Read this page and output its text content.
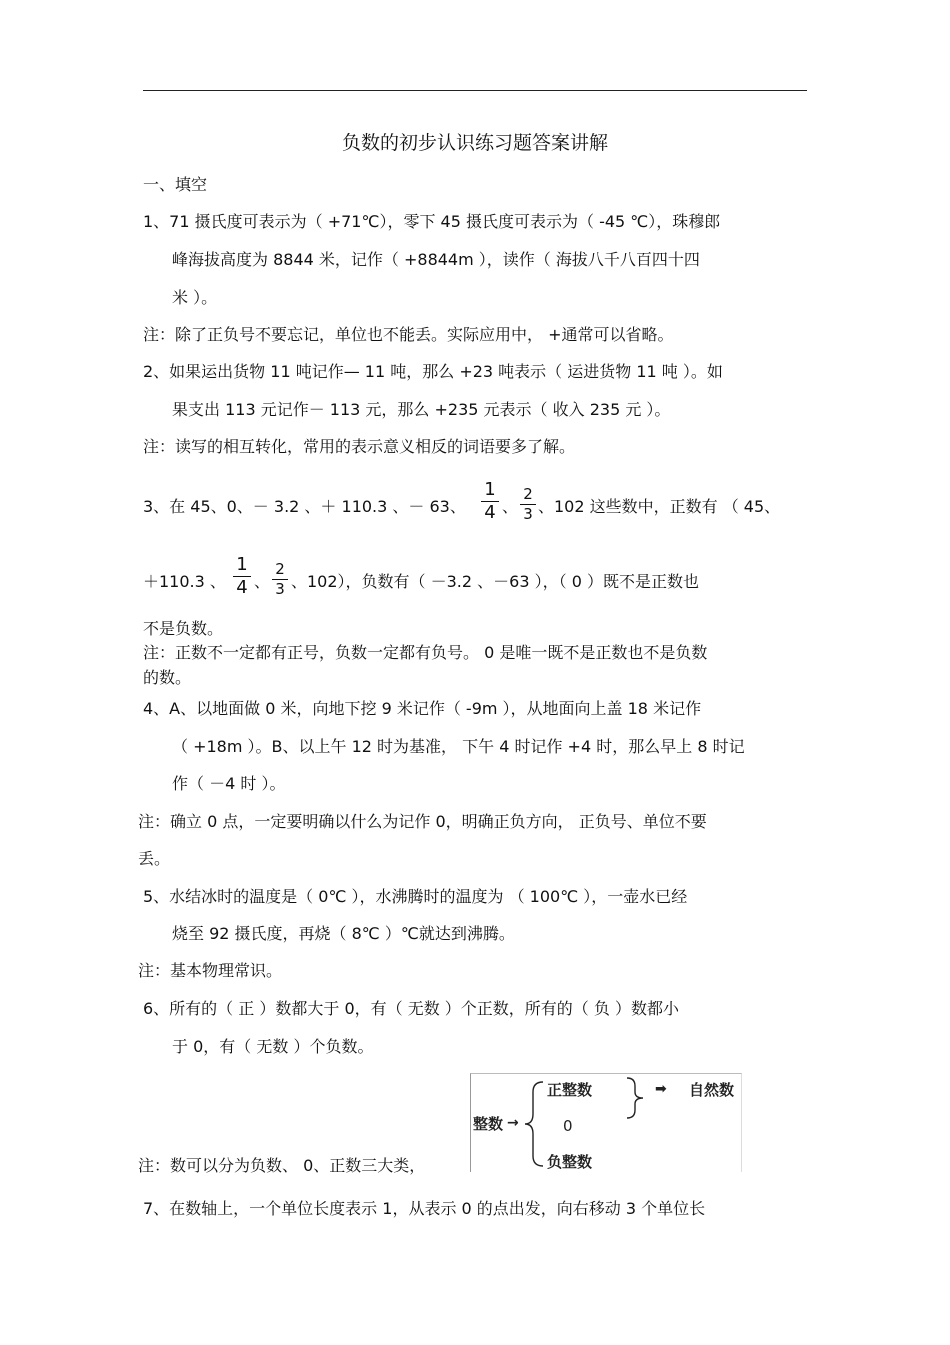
负数的初步认识练习题答案讲解
一、填空
1、71 摄氏度可表示为（ +71℃），零下 45 摄氏度可表示为（ -45 ℃），珠穆郎
峰海拔高度为 8844 米，记作（ +8844m ），读作（ 海拔八千八百四十四
米 ）。
注：除了正负号不要忘记，单位也不能丢。实际应用中， +通常可以省略。
2、如果运出货物 11 吨记作— 11 吨，那么 +23 吨表示（ 运进货物 11 吨 ）。如
果支出 113 元记作－ 113 元，那么 +235 元表示（ 收入 235 元 ）。
注：读写的相互转化，常用的表示意义相反的词语要多了解。
3、在 45、0、－ 3.2 、＋ 110.3 、－ 63、
1
4 、
2
3 、102 这些数中，正数有 （ 45、
＋110.3 、
1
4 、
2
3 、102），负数有（ －3.2 、－63 ），（ 0 ）既不是正数也
不是负数。
注：正数不一定都有正号，负数一定都有负号。 0 是唯一既不是正数也不是负数
的数。
4、A、以地面做 0 米，向地下挖 9 米记作（ -9m ），从地面向上盖 18 米记作
（ +18m ）。B、以上午 12 时为基准， 下午 4 时记作 +4 时，那么早上 8 时记
作（ －4 时 ）。
注：确立 0 点，一定要明确以什么为记作 0，明确正负方向， 正负号、单位不要
丢。
5、水结冰时的温度是（ 0℃ ），水沸腾时的温度为 （ 100℃ ），一壶水已经
烧至 92 摄氏度，再烧（ 8℃ ）℃就达到沸腾。
注：基本物理常识。
6、所有的（ 正 ）数都大于 0，有（ 无数 ）个正数，所有的（ 负 ）数都小
于 0，有（ 无数 ）个负数。
注：数可以分为负数、 0、正数三大类，
整数 →
正整数
0
负整数
➡ 自然数
7、在数轴上，一个单位长度表示 1，从表示 0 的点出发，向右移动 3 个单位长
